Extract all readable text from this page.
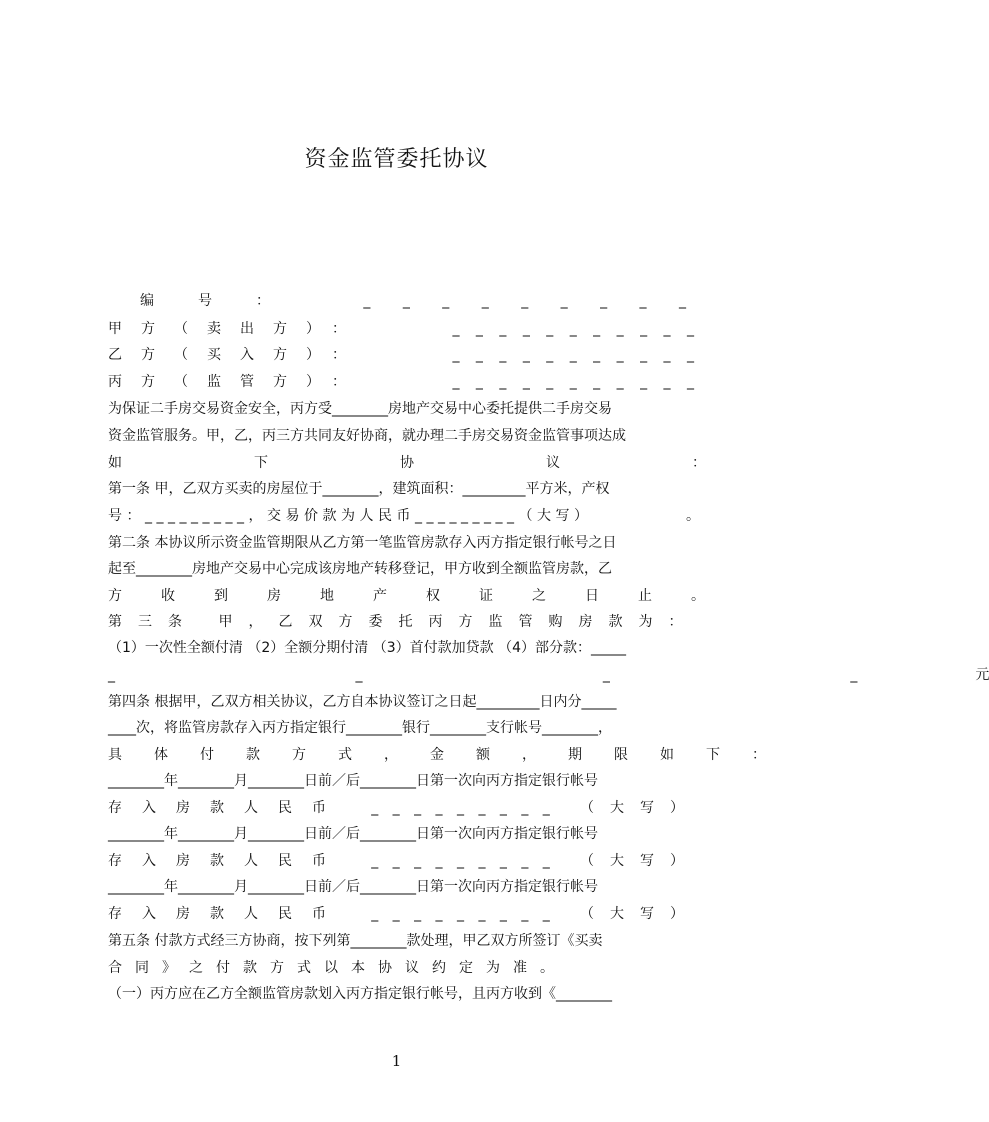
资金监管委托协议
编号：	_ _ _ _ _ _ _ _ _
甲方（卖出方）：	_ _ _ _ _ _ _ _ _ _ _
乙方（买入方）：	_ _ _ _ _ _ _ _ _ _ _
丙方（监管方）：	_ _ _ _ _ _ _ _ _ _ _
为保证二手房交易资金安全，丙方受________房地产交易中心委托提供二手房交易
资金监管服务。甲，乙，丙三方共同友好协商，就办理二手房交易资金监管事项达成
如下协议：
第一条 甲，乙双方买卖的房屋位于________，建筑面积：_________平方米，产权
号：_________，交易价款为人民币_________（大写）	。
第二条 本协议所示资金监管期限从乙方第一笔监管房款存入丙方指定银行帐号之日
起至________房地产交易中心完成该房地产转移登记，甲方收到全额监管房款，乙
方收到房地产权证之日止。
第三条 甲，乙双方委托丙方监管购房款为：
（1）一次性全额付清 （2）全额分期付清 （3）首付款加贷款 （4）部分款：_____
_ _ _ _ 元
第四条 根据甲，乙双方相关协议，乙方自本协议签订之日起_________日内分_____
____次，将监管房款存入丙方指定银行________银行________支行帐号________，
具体付款方式，金额，期限如下：
________年________月________日前／后________日第一次向丙方指定银行帐号
存入房款人民币 _ _ _ _ _ _ _ _ _ （大写）
________年________月________日前／后________日第一次向丙方指定银行帐号
存入房款人民币 _ _ _ _ _ _ _ _ _ （大写）
________年________月________日前／后________日第一次向丙方指定银行帐号
存入房款人民币 _ _ _ _ _ _ _ _ _ （大写）
第五条 付款方式经三方协商，按下列第________款处理，甲乙双方所签订《买卖
合同》之付款方式以本协议约定为准。
（一）丙方应在乙方全额监管房款划入丙方指定银行帐号，且丙方收到《________
1
